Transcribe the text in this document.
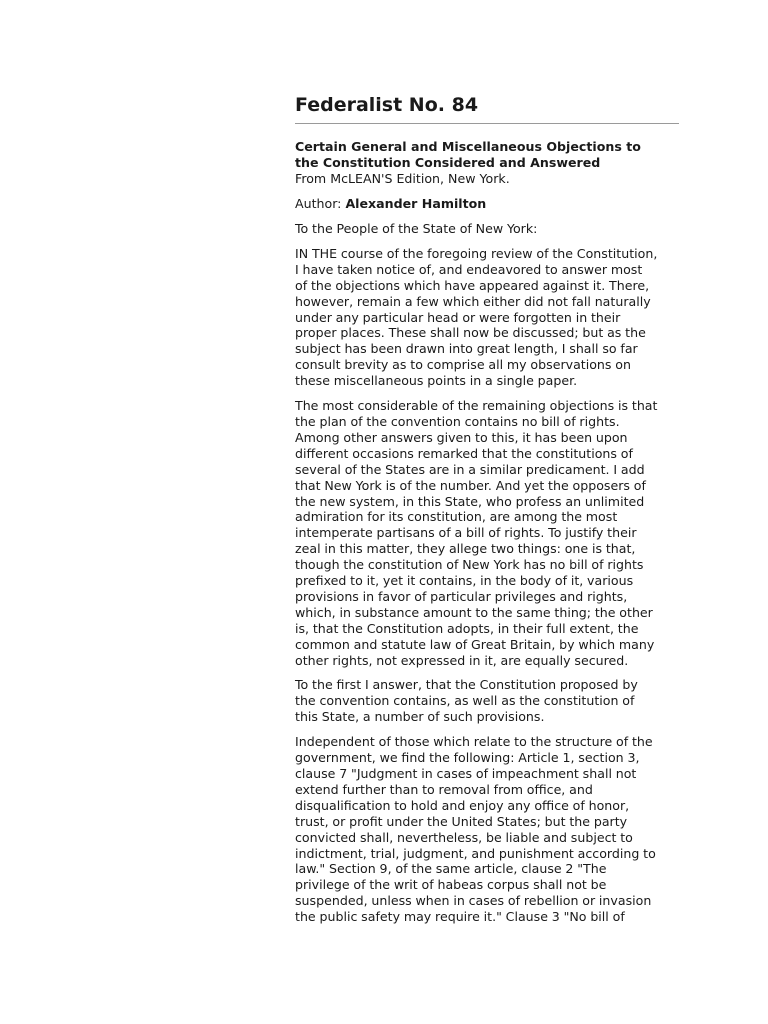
Federalist No. 84
Certain General and Miscellaneous Objections to
the Constitution Considered and Answered
From McLEAN'S Edition, New York.

Author: Alexander Hamilton

To the People of the State of New York:

IN THE course of the foregoing review of the Constitution,
I have taken notice of, and endeavored to answer most
of the objections which have appeared against it. There,
however, remain a few which either did not fall naturally
under any particular head or were forgotten in their
proper places. These shall now be discussed; but as the
subject has been drawn into great length, I shall so far
consult brevity as to comprise all my observations on
these miscellaneous points in a single paper.

The most considerable of the remaining objections is that
the plan of the convention contains no bill of rights.
Among other answers given to this, it has been upon
different occasions remarked that the constitutions of
several of the States are in a similar predicament. I add
that New York is of the number. And yet the opposers of
the new system, in this State, who profess an unlimited
admiration for its constitution, are among the most
intemperate partisans of a bill of rights. To justify their
zeal in this matter, they allege two things: one is that,
though the constitution of New York has no bill of rights
prefixed to it, yet it contains, in the body of it, various
provisions in favor of particular privileges and rights,
which, in substance amount to the same thing; the other
is, that the Constitution adopts, in their full extent, the
common and statute law of Great Britain, by which many
other rights, not expressed in it, are equally secured.

To the first I answer, that the Constitution proposed by
the convention contains, as well as the constitution of
this State, a number of such provisions.

Independent of those which relate to the structure of the
government, we find the following: Article 1, section 3,
clause 7 "Judgment in cases of impeachment shall not
extend further than to removal from office, and
disqualification to hold and enjoy any office of honor,
trust, or profit under the United States; but the party
convicted shall, nevertheless, be liable and subject to
indictment, trial, judgment, and punishment according to
law." Section 9, of the same article, clause 2 "The
privilege of the writ of habeas corpus shall not be
suspended, unless when in cases of rebellion or invasion
the public safety may require it." Clause 3 "No bill of
